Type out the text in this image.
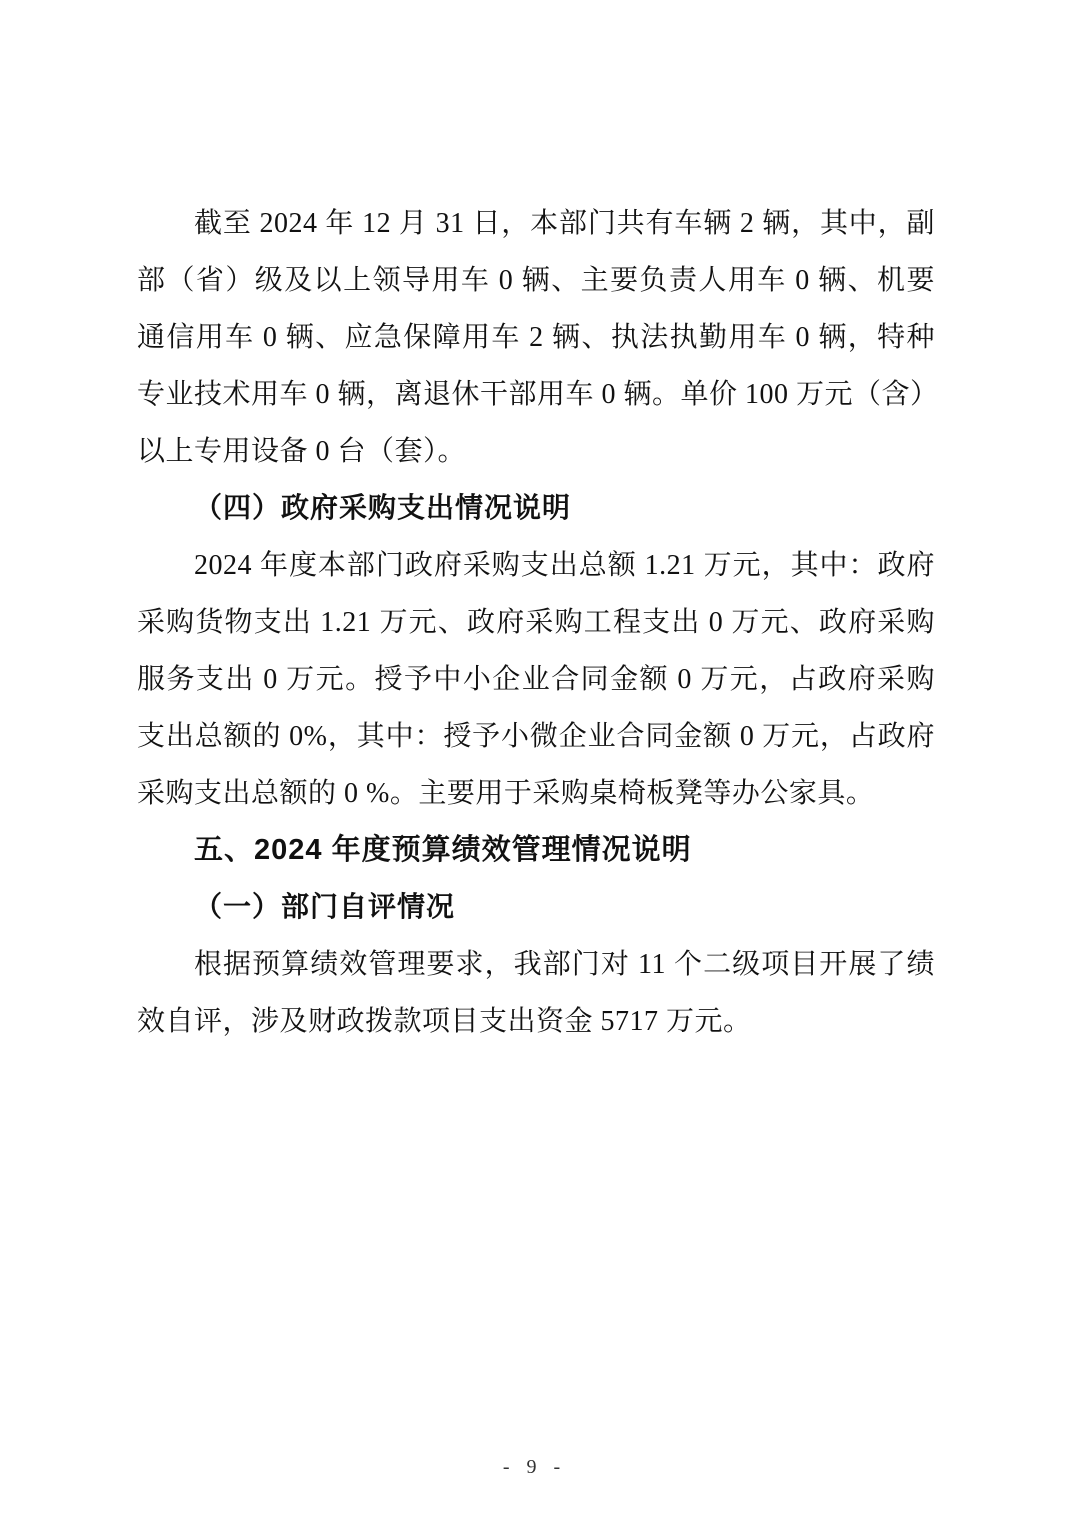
截至 2024 年 12 月 31 日，本部门共有车辆 2 辆，其中，副
部（省）级及以上领导用车 0 辆、主要负责人用车 0 辆、机要
通信用车 0 辆、应急保障用车 2 辆、执法执勤用车 0 辆，特种
专业技术用车 0 辆，离退休干部用车 0 辆。单价 100 万元（含）
以上专用设备 0 台（套）。

（四）政府采购支出情况说明

2024 年度本部门政府采购支出总额 1.21 万元，其中：政府
采购货物支出 1.21 万元、政府采购工程支出 0 万元、政府采购
服务支出 0 万元。授予中小企业合同金额 0 万元，占政府采购
支出总额的 0%，其中：授予小微企业合同金额 0 万元，占政府
采购支出总额的 0 %。主要用于采购桌椅板凳等办公家具。

五、2024 年度预算绩效管理情况说明

（一）部门自评情况

根据预算绩效管理要求，我部门对 11 个二级项目开展了绩
效自评，涉及财政拨款项目支出资金 5717 万元。

- 9 -
